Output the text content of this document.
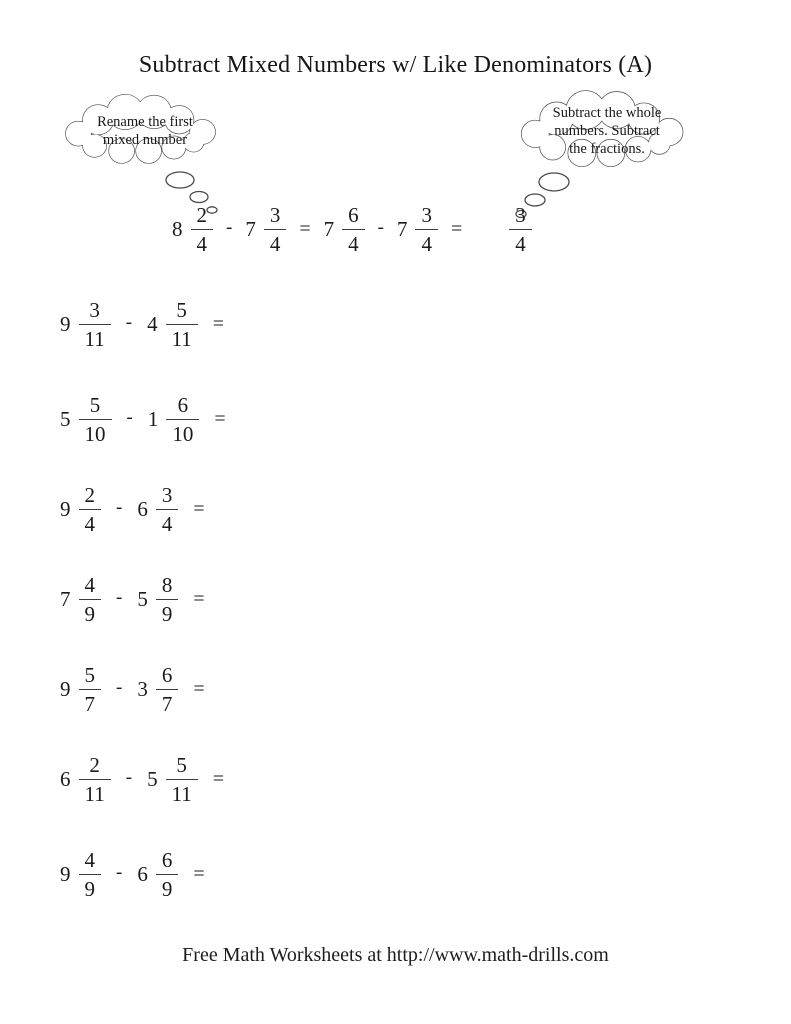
Subtract Mixed Numbers w/ Like Denominators (A)
Rename the first
mixed number
Subtract the whole
numbers. Subtract
the fractions.
$8 \frac{2}{4} - 7 \frac{3}{4} = 7 \frac{6}{4} - 7 \frac{3}{4} = \frac{3}{4}$
$9 \frac{3}{11} - 4 \frac{5}{11}$ =
$5 \frac{5}{10} - 1 \frac{6}{10}$ =
$9 \frac{2}{4} - 6 \frac{3}{4}$ =
$7 \frac{4}{9} - 5 \frac{8}{9}$ =
$9 \frac{5}{7} - 3 \frac{6}{7}$ =
$6 \frac{2}{11} - 5 \frac{5}{11}$ =
$9 \frac{4}{9} - 6 \frac{6}{9}$ =
Free Math Worksheets at http://www.math-drills.com
